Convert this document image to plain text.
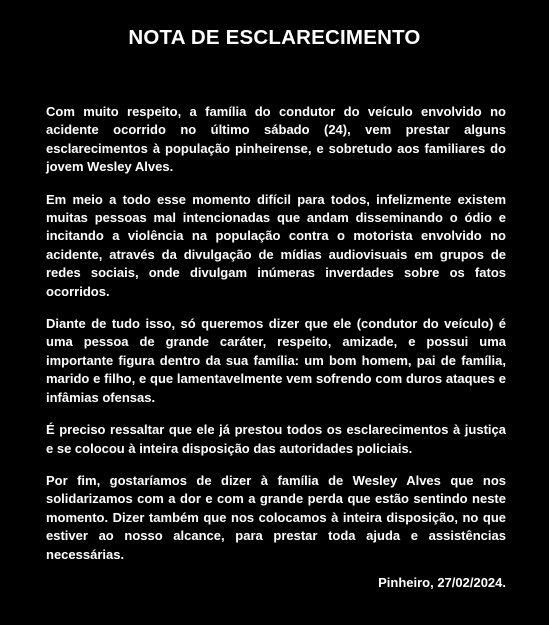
NOTA DE ESCLARECIMENTO

Com muito respeito, a família do condutor do veículo envolvido no acidente ocorrido no último sábado (24), vem prestar alguns esclarecimentos à população pinheirense, e sobretudo aos familiares do jovem Wesley Alves.

Em meio a todo esse momento difícil para todos, infelizmente existem muitas pessoas mal intencionadas que andam disseminando o ódio e incitando a violência na população contra o motorista envolvido no acidente, através da divulgação de mídias audiovisuais em grupos de redes sociais, onde divulgam inúmeras inverdades sobre os fatos ocorridos.

Diante de tudo isso, só queremos dizer que ele (condutor do veículo) é uma pessoa de grande caráter, respeito, amizade, e possui uma importante figura dentro da sua família: um bom homem, pai de família, marido e filho, e que lamentavelmente vem sofrendo com duros ataques e infâmias ofensas.

É preciso ressaltar que ele já prestou todos os esclarecimentos à justiça e se colocou à inteira disposição das autoridades policiais.

Por fim, gostaríamos de dizer à família de Wesley Alves que nos solidarizamos com a dor e com a grande perda que estão sentindo neste momento. Dizer também que nos colocamos à inteira disposição, no que estiver ao nosso alcance, para prestar toda ajuda e assistências necessárias.

Pinheiro, 27/02/2024.
